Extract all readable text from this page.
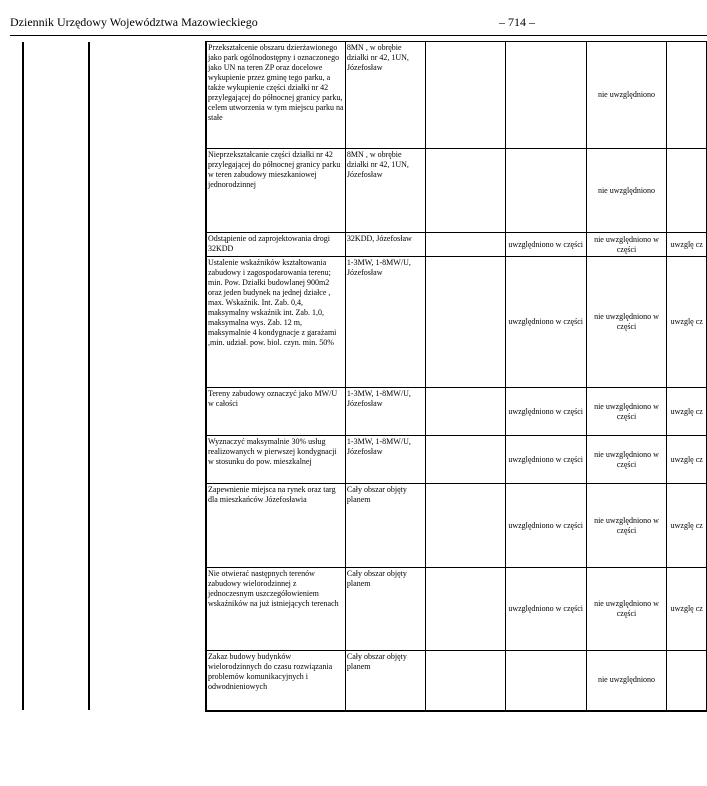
Dziennik Urzędowy Województwa Mazowieckiego	– 714 –
Przekształcenie obszaru dzierżawionego jako park ogólnodostępny i oznaczonego jako UN na teren ZP oraz docelowe wykupienie przez gminę tego parku, a także wykupienie części działki nr 42 przylegającej do północnej granicy parku, celem utworzenia w tym miejscu parku na stałe	8MN , w obrębie działki nr 42, 1UN, Józefosław			nie uwzględniono	
Nieprzekształcanie części działki nr 42 przylegającej do północnej granicy parku w teren zabudowy mieszkaniowej jednorodzinnej	8MN , w obrębie działki nr 42, 1UN, Józefosław			nie uwzględniono	
Odstąpienie od zaprojektowania drogi 32KDD	32KDD, Józefosław		uwzględniono w części	nie uwzględniono w części	uwzglę cz
Ustalenie wskaźników kształtowania zabudowy i zagospodarowania terenu; min. Pow. Działki budowlanej 900m2 oraz jeden budynek na jednej działce , max. Wskaźnik. Int. Zab. 0,4, maksymalny wskaźnik int. Zab. 1,0, maksymalna wys. Zab. 12 m, maksymalnie 4 kondygnacje z garażami ,min. udział. pow. biol. czyn. min. 50%	1-3MW, 1-8MW/U, Józefosław		uwzględniono w części	nie uwzględniono w części	uwzglę cz
Tereny zabudowy oznaczyć jako MW/U w całości	1-3MW, 1-8MW/U, Józefosław		uwzględniono w części	nie uwzględniono w części	uwzglę cz
Wyznaczyć maksymalnie 30% usług realizowanych w pierwszej kondygnacji w stosunku do pow. mieszkalnej	1-3MW, 1-8MW/U, Józefosław		uwzględniono w części	nie uwzględniono w części	uwzglę cz
Zapewnienie miejsca na rynek oraz targ dla mieszkańców Józefosławia	Cały obszar objęty planem		uwzględniono w części	nie uwzględniono w części	uwzglę cz
Nie otwierać następnych terenów zabudowy wielorodzinnej z jednoczesnym uszczegółowieniem wskaźników na już istniejących terenach	Cały obszar objęty planem		uwzględniono w części	nie uwzględniono w części	uwzglę cz
Zakaz budowy budynków wielorodzinnych do czasu rozwiązania problemów komunikacyjnych i odwodnieniowych	Cały obszar objęty planem			nie uwzględniono	
